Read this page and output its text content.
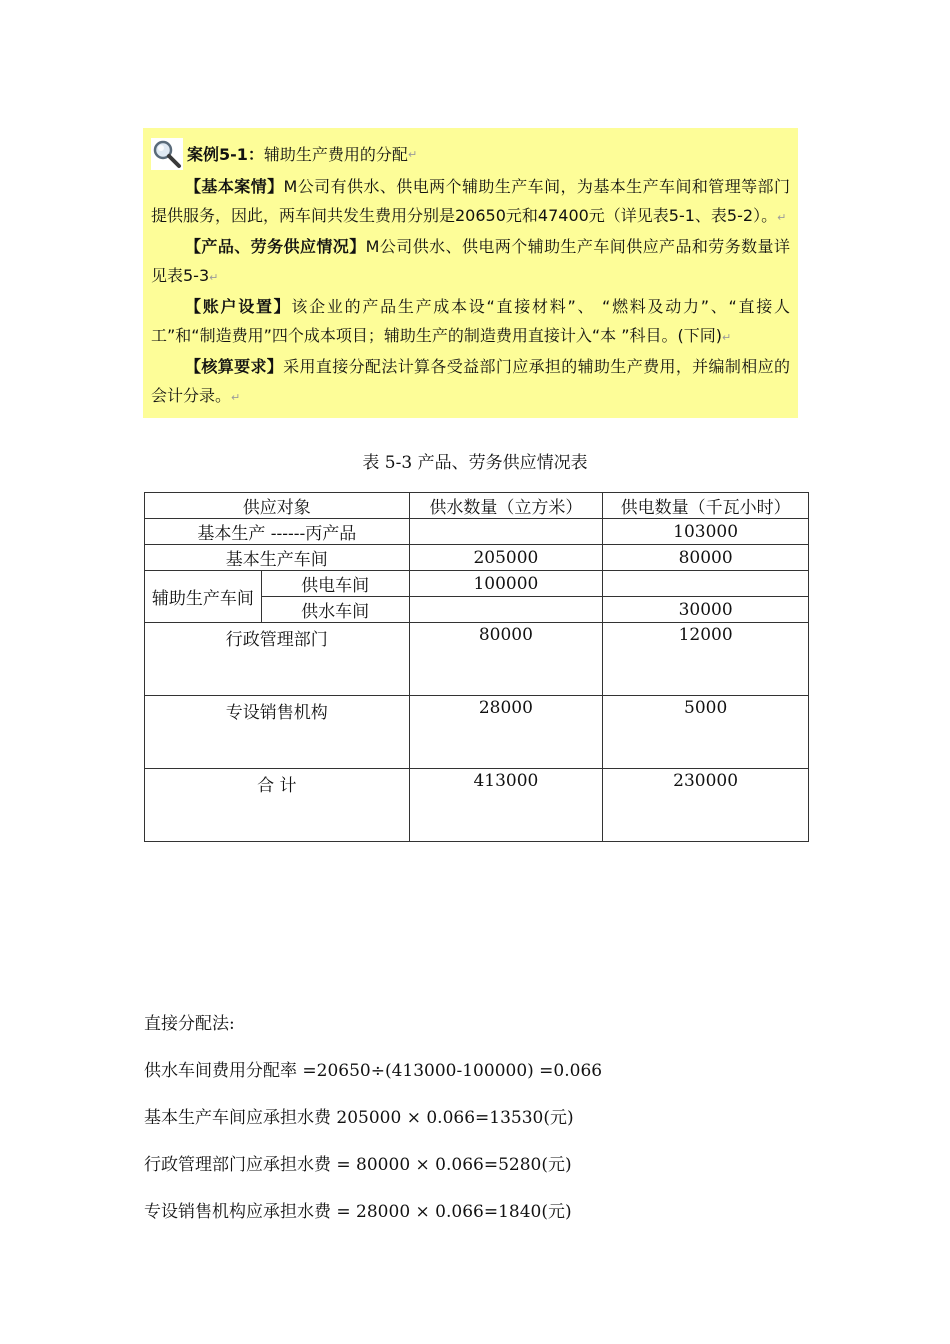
案例5-1： 辅助生产费用的分配 ↵

【基本案情】M公司有供水、供电两个辅助生产车间，为基本生产车间和管理等部门提供服务，因此，两车间共发生费用分别是20650元和47400元（详见表5-1、表5-2）。↵

【产品、劳务供应情况】M公司供水、供电两个辅助生产车间供应产品和劳务数量详见表5-3↵

【账户设置】该企业的产品生产成本设“直接材料”、 “燃料及动力”、“直接人工”和“制造费用”四个成本项目；辅助生产的制造费用直接计入“本 ”科目。(下同)↵

【核算要求】采用直接分配法计算各受益部门应承担的辅助生产费用，并编制相应的会计分录。↵

表 5-3 产品、劳务供应情况表
供应对象		供水数量（立方米）	供电数量（千瓦小时）
基本生产 ------丙产品			103000
基本生产车间		205000	80000
辅助生产车间	供电车间	100000	
	供水车间		30000
行政管理部门		80000	12000
专设销售机构		28000	5000
合 计		413000	230000
直接分配法:
供水车间费用分配率 =20650÷(413000-100000) =0.066
基本生产车间应承担水费 205000 × 0.066=13530(元)
行政管理部门应承担水费 = 80000 × 0.066=5280(元)
专设销售机构应承担水费 = 28000 × 0.066=1840(元)
